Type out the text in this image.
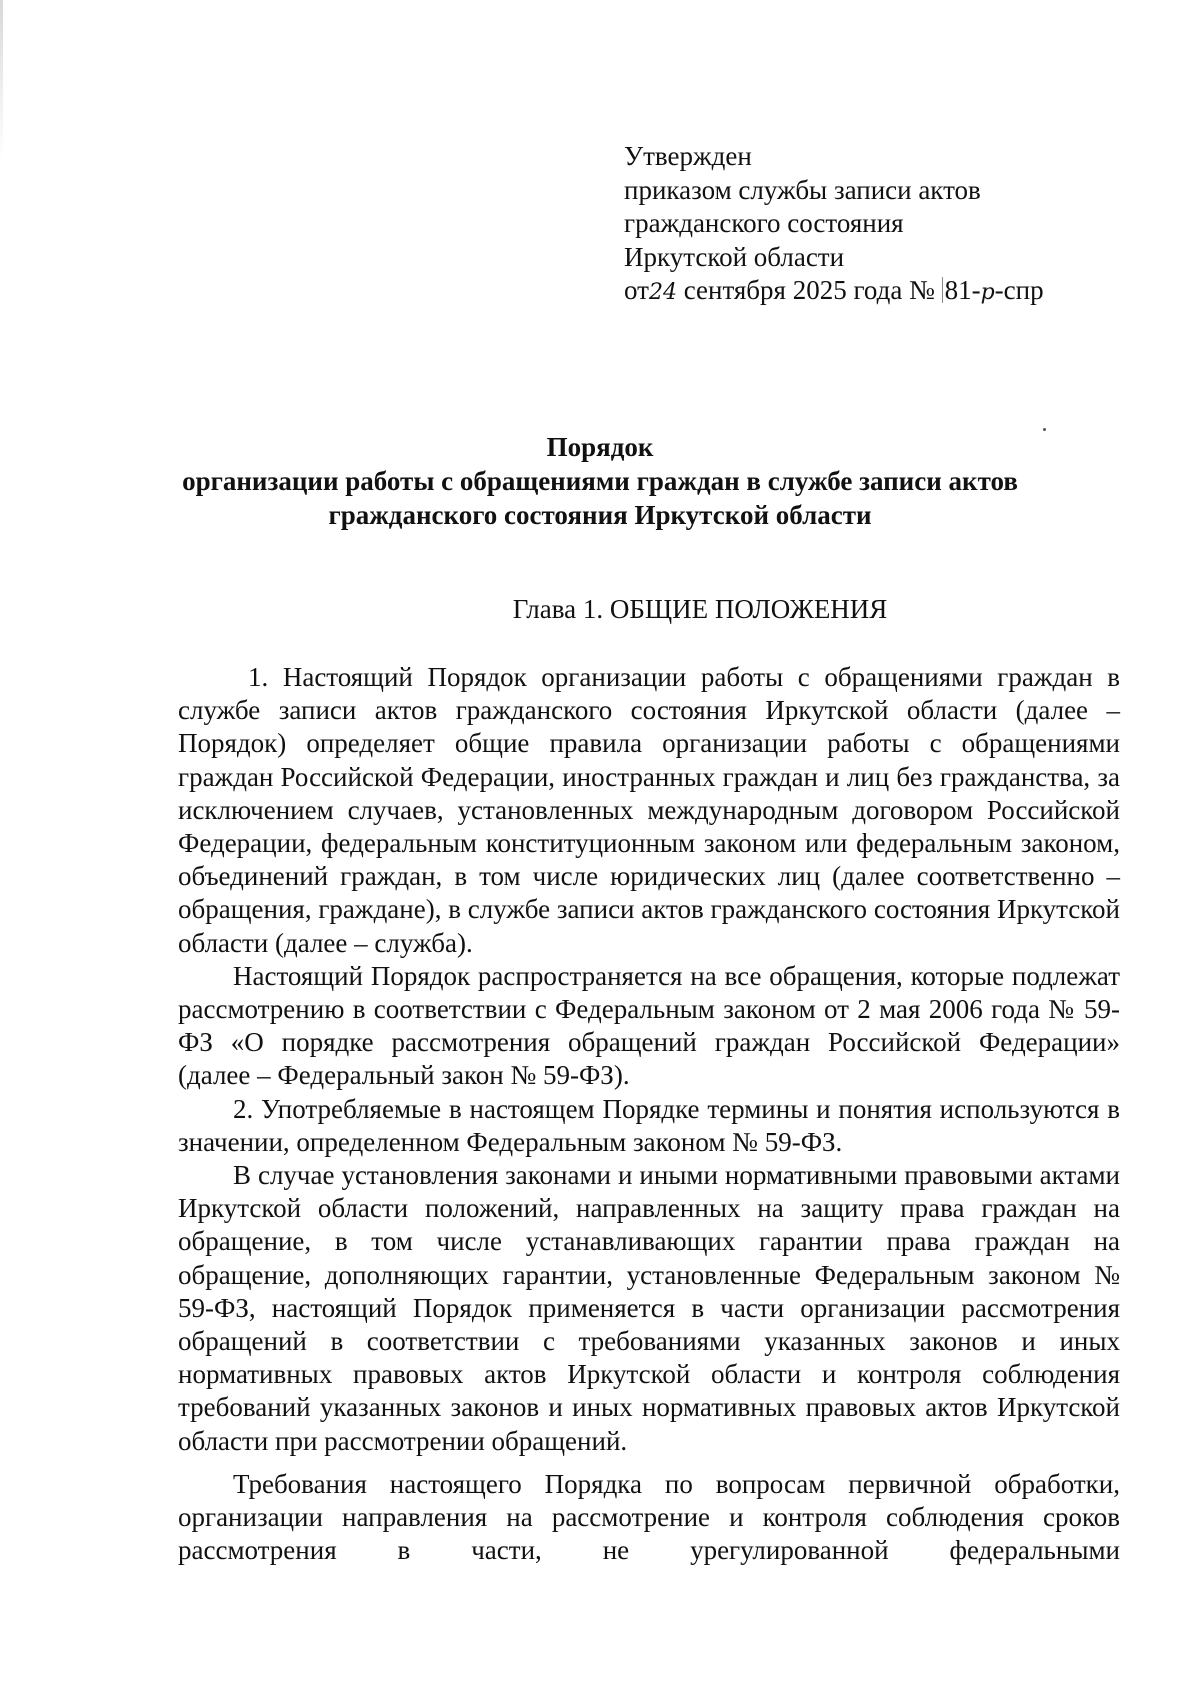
Утвержден
приказом службы записи актов
гражданского состояния
Иркутской области
от24 сентября 2025 года № 81-р-спр
Порядок
организации работы с обращениями граждан в службе записи актов
гражданского состояния Иркутской области
Глава 1. ОБЩИЕ ПОЛОЖЕНИЯ

1. Настоящий Порядок организации работы с обращениями граждан в службе записи актов гражданского состояния Иркутской области (далее – Порядок) определяет общие правила организации работы с обращениями граждан Российской Федерации, иностранных граждан и лиц без гражданства, за исключением случаев, установленных международным договором Российской Федерации, федеральным конституционным законом или федеральным законом, объединений граждан, в том числе юридических лиц (далее соответственно – обращения, граждане), в службе записи актов гражданского состояния Иркутской области (далее – служба).

Настоящий Порядок распространяется на все обращения, которые подлежат рассмотрению в соответствии с Федеральным законом от 2 мая 2006 года № 59-ФЗ «О порядке рассмотрения обращений граждан Российской Федерации» (далее – Федеральный закон № 59-ФЗ).

2. Употребляемые в настоящем Порядке термины и понятия используются в значении, определенном Федеральным законом № 59-ФЗ.

В случае установления законами и иными нормативными правовыми актами Иркутской области положений, направленных на защиту права граждан на обращение, в том числе устанавливающих гарантии права граждан на обращение, дополняющих гарантии, установленные Федеральным законом № 59-ФЗ, настоящий Порядок применяется в части организации рассмотрения обращений в соответствии с требованиями указанных законов и иных нормативных правовых актов Иркутской области и контроля соблюдения требований указанных законов и иных нормативных правовых актов Иркутской области при рассмотрении обращений.

Требования настоящего Порядка по вопросам первичной обработки, организации направления на рассмотрение и контроля соблюдения сроков рассмотрения в части, не урегулированной федеральными
